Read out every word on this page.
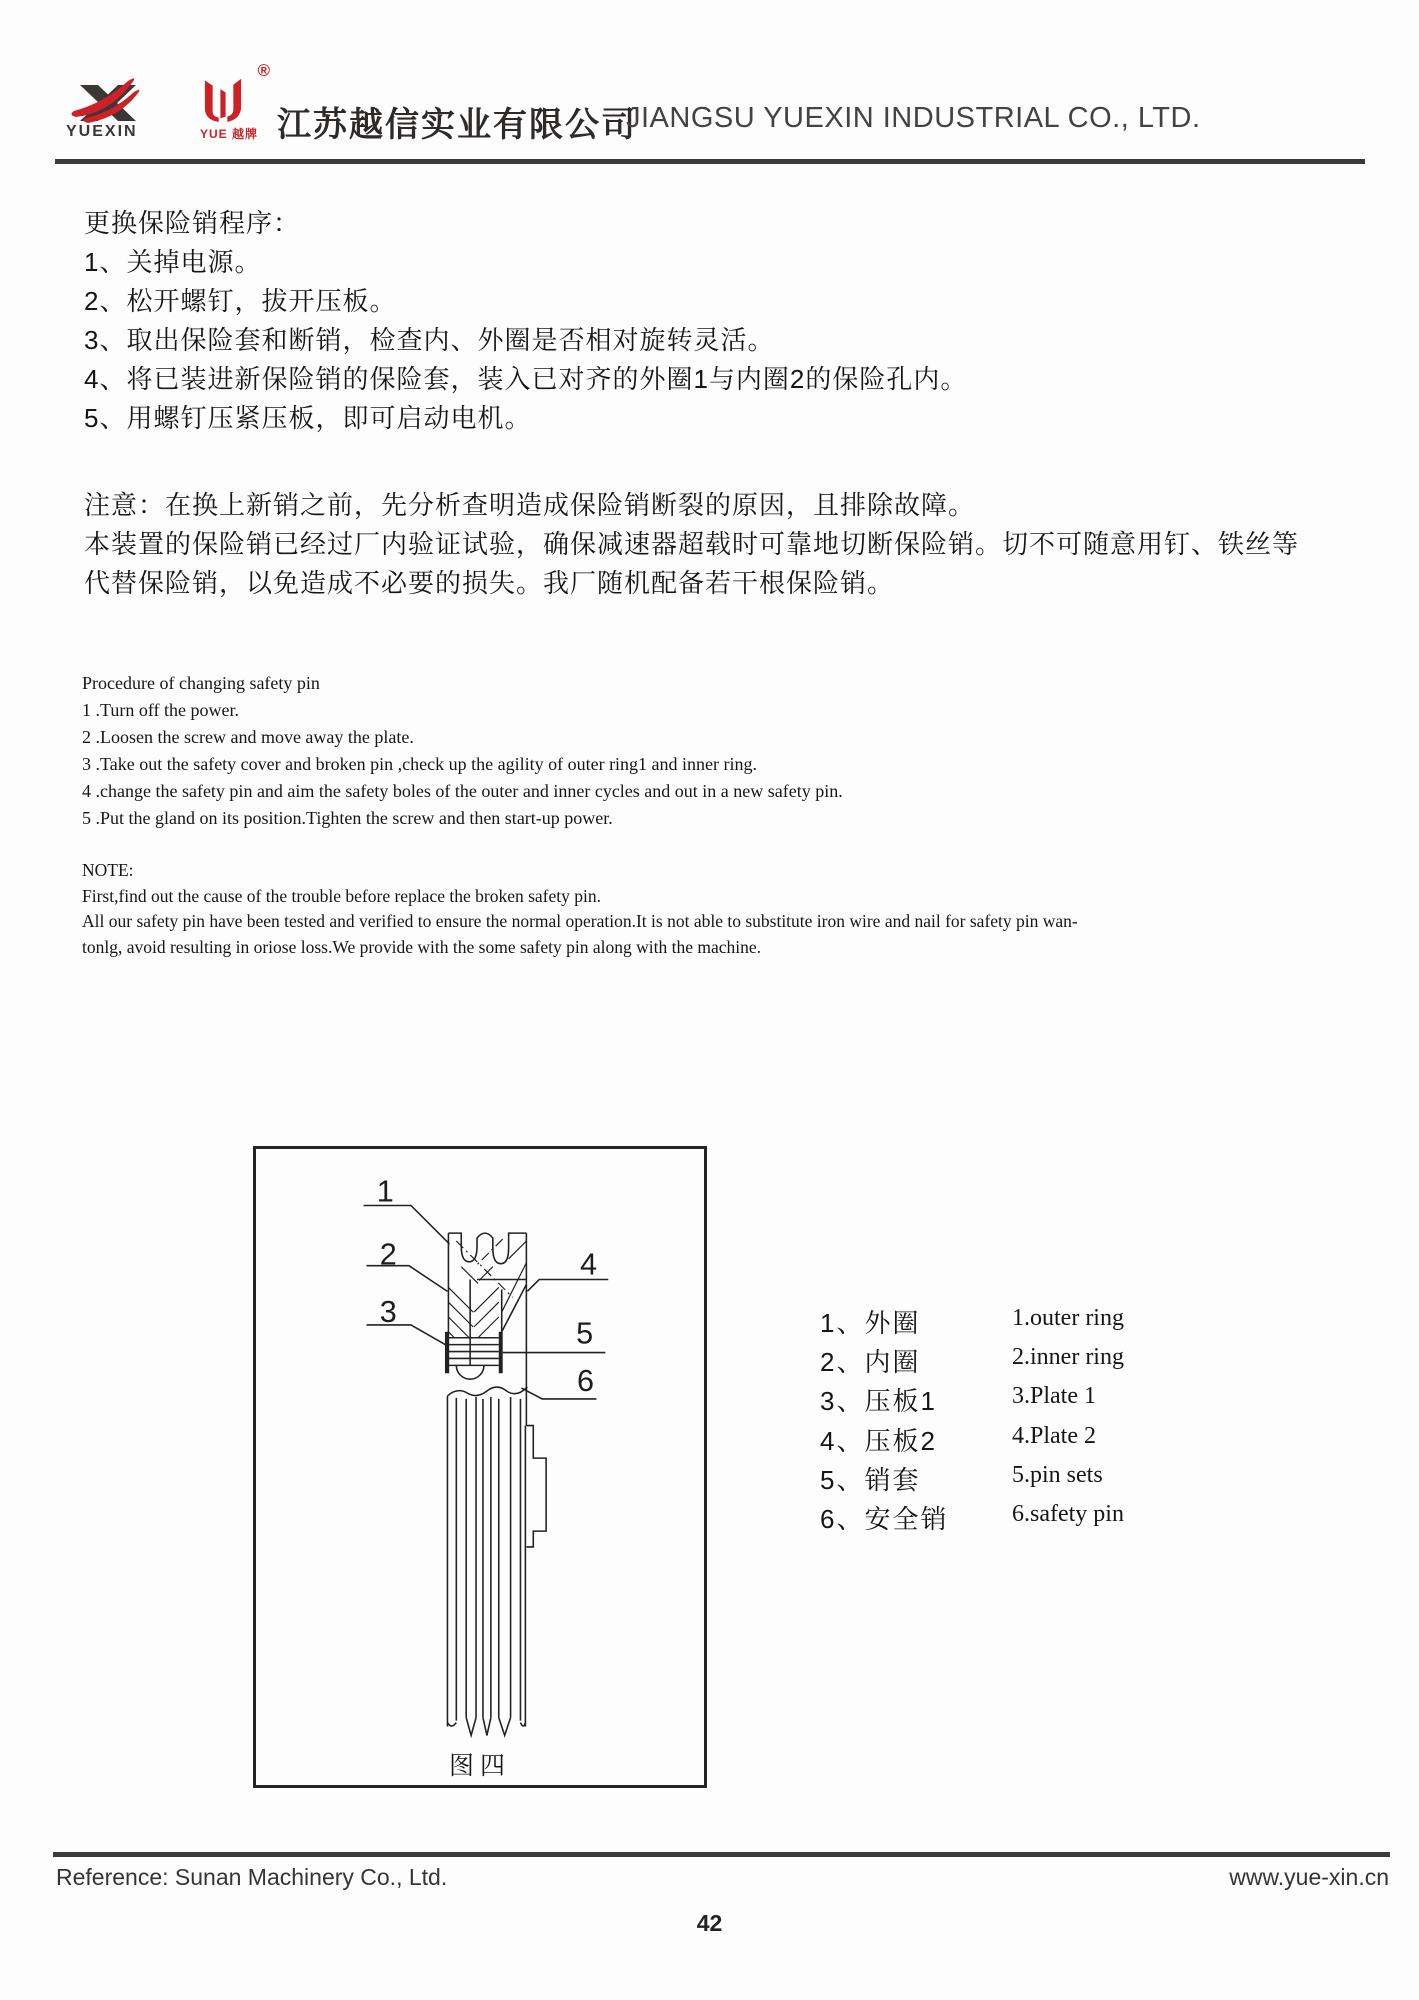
YUEXIN
®
YUE 越牌 江苏越信实业有限公司
JIANGSU YUEXIN INDUSTRIAL CO., LTD.
更换保险销程序：
1、关掉电源。
2、松开螺钉，拔开压板。
3、取出保险套和断销，检查内、外圈是否相对旋转灵活。
4、将已装进新保险销的保险套，装入已对齐的外圈1与内圈2的保险孔内。
5、用螺钉压紧压板，即可启动电机。
注意：在换上新销之前，先分析查明造成保险销断裂的原因，且排除故障。
本装置的保险销已经过厂内验证试验，确保减速器超载时可靠地切断保险销。切不可随意用钉、铁丝等
代替保险销，以免造成不必要的损失。我厂随机配备若干根保险销。
Procedure of changing safety pin
1 .Turn off the power.
2 .Loosen the screw and move away the plate.
3 .Take out the safety cover and broken pin ,check up the agility of outer ring1 and inner ring.
4 .change the safety pin and aim the safety boles of the outer and inner cycles and out in a new safety pin.
5 .Put the gland on its position.Tighten the screw and then start-up power.
NOTE:
First,find out the cause of the trouble before replace the broken safety pin.
All our safety pin have been tested and verified to ensure the normal operation.It is not able to substitute iron wire and nail for safety pin wan-
tonlg, avoid resulting in oriose loss.We provide with the some safety pin along with the machine.
1
2
3
4
5
6
图四
1、外圈	1.outer ring
2、内圈	2.inner ring
3、压板1	3.Plate 1
4、压板2	4.Plate 2
5、销套	5.pin sets
6、安全销	6.safety pin
Reference: Sunan Machinery Co., Ltd.	www.yue-xin.cn
42
